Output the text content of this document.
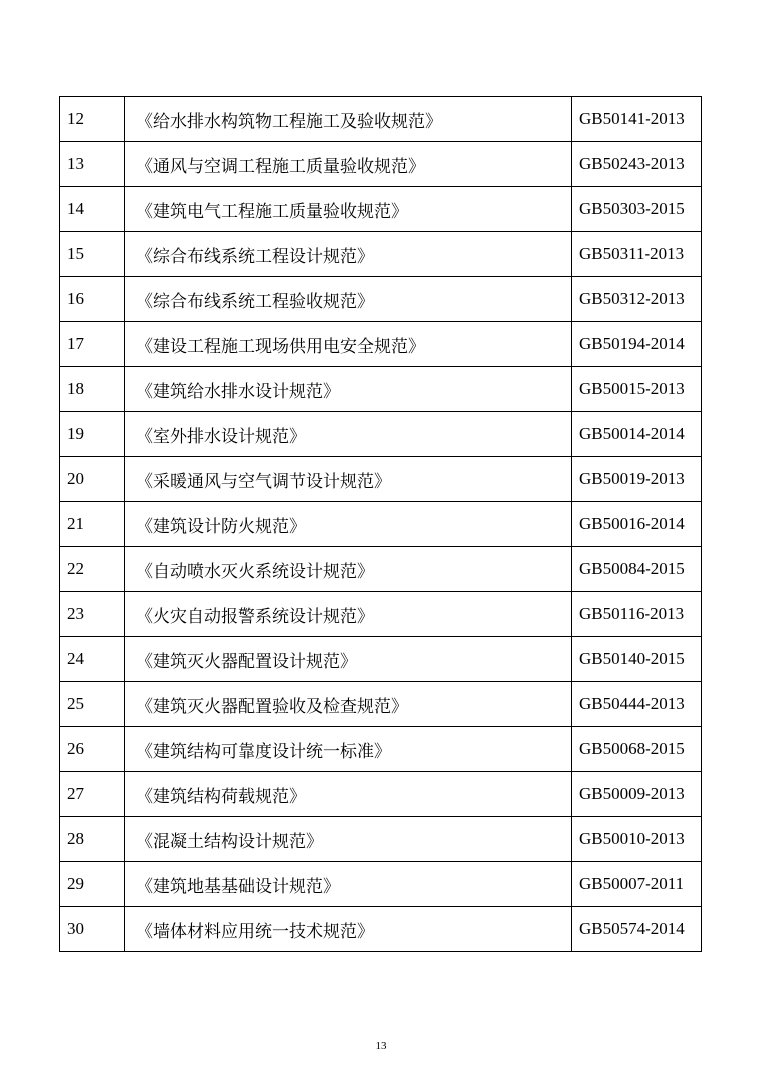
12	《给水排水构筑物工程施工及验收规范》	GB50141-2013
13	《通风与空调工程施工质量验收规范》	GB50243-2013
14	《建筑电气工程施工质量验收规范》	GB50303-2015
15	《综合布线系统工程设计规范》	GB50311-2013
16	《综合布线系统工程验收规范》	GB50312-2013
17	《建设工程施工现场供用电安全规范》	GB50194-2014
18	《建筑给水排水设计规范》	GB50015-2013
19	《室外排水设计规范》	GB50014-2014
20	《采暖通风与空气调节设计规范》	GB50019-2013
21	《建筑设计防火规范》	GB50016-2014
22	《自动喷水灭火系统设计规范》	GB50084-2015
23	《火灾自动报警系统设计规范》	GB50116-2013
24	《建筑灭火器配置设计规范》	GB50140-2015
25	《建筑灭火器配置验收及检查规范》	GB50444-2013
26	《建筑结构可靠度设计统一标准》	GB50068-2015
27	《建筑结构荷载规范》	GB50009-2013
28	《混凝土结构设计规范》	GB50010-2013
29	《建筑地基基础设计规范》	GB50007-2011
30	《墙体材料应用统一技术规范》	GB50574-2014
13
